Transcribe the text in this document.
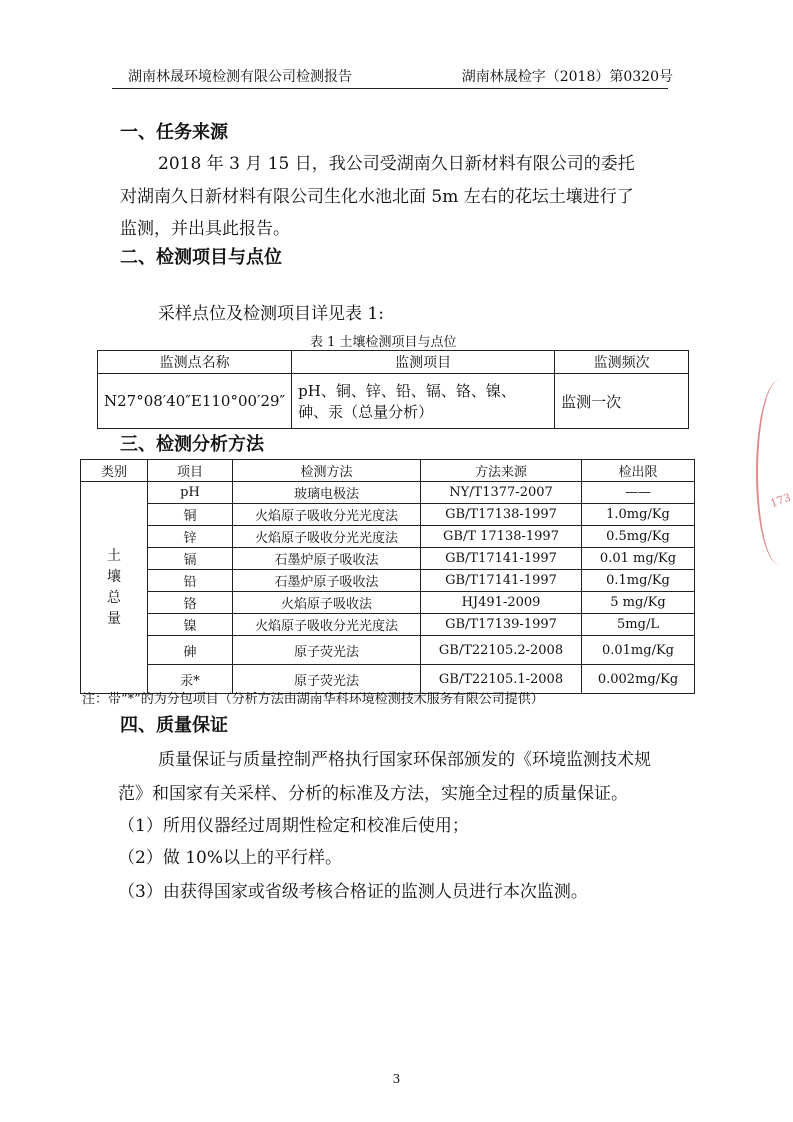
湖南林晟环境检测有限公司检测报告	湖南林晟检字（2018）第0320号
一、任务来源
2018 年 3 月 15 日，我公司受湖南久日新材料有限公司的委托
对湖南久日新材料有限公司生化水池北面 5m 左右的花坛土壤进行了
监测，并出具此报告。
二、检测项目与点位
采样点位及检测项目详见表 1:
表 1 土壤检测项目与点位
监测点名称	监测项目	监测频次
N27°08′40″E110°00′29″	pH、铜、锌、铅、镉、铬、镍、
砷、汞（总量分析）	监测一次
三、检测分析方法
类别	项目	检测方法	方法来源	检出限
土
壤
总
量	pH	玻璃电极法	NY/T1377-2007	——
	铜	火焰原子吸收分光光度法	GB/T17138-1997	1.0mg/Kg
	锌	火焰原子吸收分光光度法	GB/T 17138-1997	0.5mg/Kg
	镉	石墨炉原子吸收法	GB/T17141-1997	0.01 mg/Kg
	铅	石墨炉原子吸收法	GB/T17141-1997	0.1mg/Kg
	铬	火焰原子吸收法	HJ491-2009	5 mg/Kg
	镍	火焰原子吸收分光光度法	GB/T17139-1997	5mg/L
	砷	原子荧光法	GB/T22105.2-2008	0.01mg/Kg
	汞*	原子荧光法	GB/T22105.1-2008	0.002mg/Kg
注：带“*”的为分包项目（分析方法由湖南华科环境检测技术服务有限公司提供）
四、质量保证
质量保证与质量控制严格执行国家环保部颁发的《环境监测技术规
范》和国家有关采样、分析的标准及方法，实施全过程的质量保证。
（1）所用仪器经过周期性检定和校准后使用；
（2）做 10%以上的平行样。
（3）由获得国家或省级考核合格证的监测人员进行本次监测。
3
173
